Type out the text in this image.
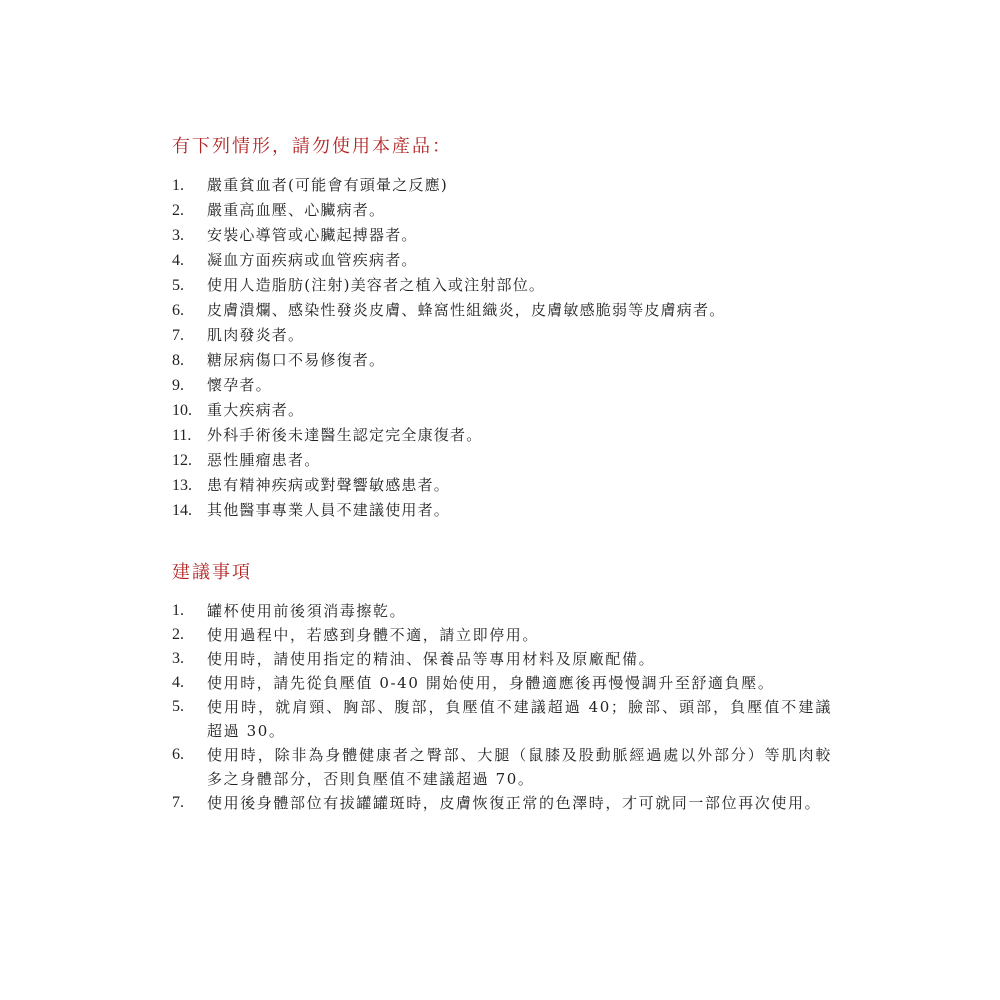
有下列情形，請勿使用本產品：
1.	嚴重貧血者(可能會有頭暈之反應)
2.	嚴重高血壓、心臟病者。
3.	安裝心導管或心臟起搏器者。
4.	凝血方面疾病或血管疾病者。
5.	使用人造脂肪(注射)美容者之植入或注射部位。
6.	皮膚潰爛、感染性發炎皮膚、蜂窩性組織炎，皮膚敏感脆弱等皮膚病者。
7.	肌肉發炎者。
8.	糖尿病傷口不易修復者。
9.	懷孕者。
10.	重大疾病者。
11.	外科手術後未達醫生認定完全康復者。
12.	惡性腫瘤患者。
13.	患有精神疾病或對聲響敏感患者。
14.	其他醫事專業人員不建議使用者。
建議事項
1.	罐杯使用前後須消毒擦乾。
2.	使用過程中，若感到身體不適，請立即停用。
3.	使用時，請使用指定的精油、保養品等專用材料及原廠配備。
4.	使用時，請先從負壓值 0-40 開始使用，身體適應後再慢慢調升至舒適負壓。
5.	使用時，就肩頸、胸部、腹部，負壓值不建議超過 40；臉部、頭部，負壓值不建議超過 30。
6.	使用時，除非為身體健康者之臀部、大腿（鼠膝及股動脈經過處以外部分）等肌肉較多之身體部分，否則負壓值不建議超過 70。
7.	使用後身體部位有拔罐罐斑時，皮膚恢復正常的色澤時，才可就同一部位再次使用。
